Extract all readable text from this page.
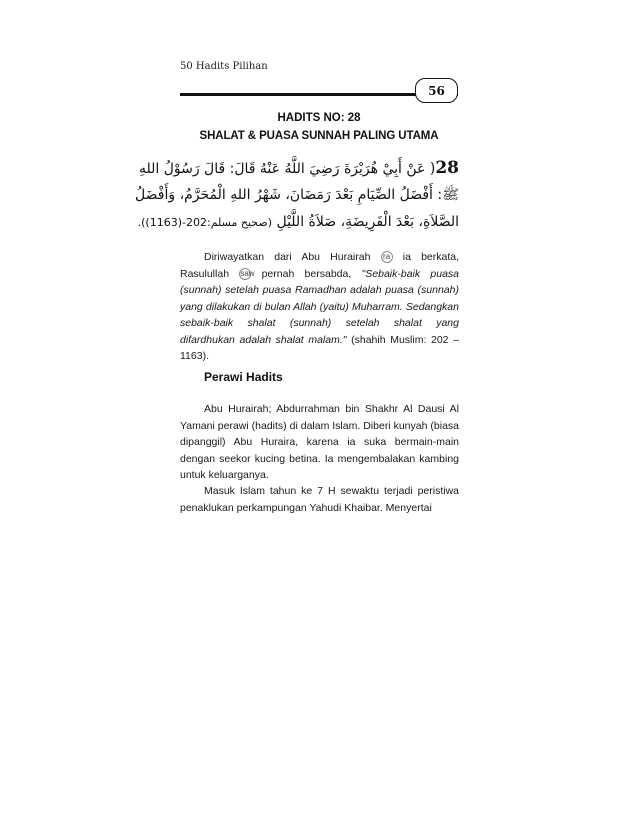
50 Hadits Pilihan
56
HADITS NO: 28
SHALAT & PUASA SUNNAH PALING UTAMA
28( عَنْ أَبِيْ هُرَيْرَةَ رَضِيَ اللَّهُ عَنْهُ قَالَ: قَالَ رَسُوْلُ اللهِ
ﷺ: أَفْضَلُ الصِّيَامِ بَعْدَ رَمَضَانَ، شَهْرُ اللهِ الْمُحَرَّمُ، وَأَفْضَلُ
الصَّلاَةِ، بَعْدَ الْفَرِيضَةِ، صَلاَةُ اللَّيْلِ (صحيح مسلم:202-(1163)).

Diriwayatkan dari Abu Hurairah ra ia berkata, Rasulullah saw pernah bersabda, "Sebaik-baik puasa (sunnah) setelah puasa Ramadhan adalah puasa (sunnah) yang dilakukan di bulan Allah (yaitu) Muharram. Sedangkan sebaik-baik shalat (sunnah) setelah shalat yang difardhukan adalah shalat malam." (shahih Muslim: 202 – 1163).

Perawi Hadits

Abu Hurairah; Abdurrahman bin Shakhr Al Dausi Al Yamani perawi (hadits) di dalam Islam. Diberi kunyah (biasa dipanggil) Abu Huraira, karena ia suka bermain-main dengan seekor kucing betina. Ia mengembalakan kambing untuk keluarganya.

Masuk Islam tahun ke 7 H sewaktu terjadi peristiwa penaklukan perkampungan Yahudi Khaibar. Menyertai
